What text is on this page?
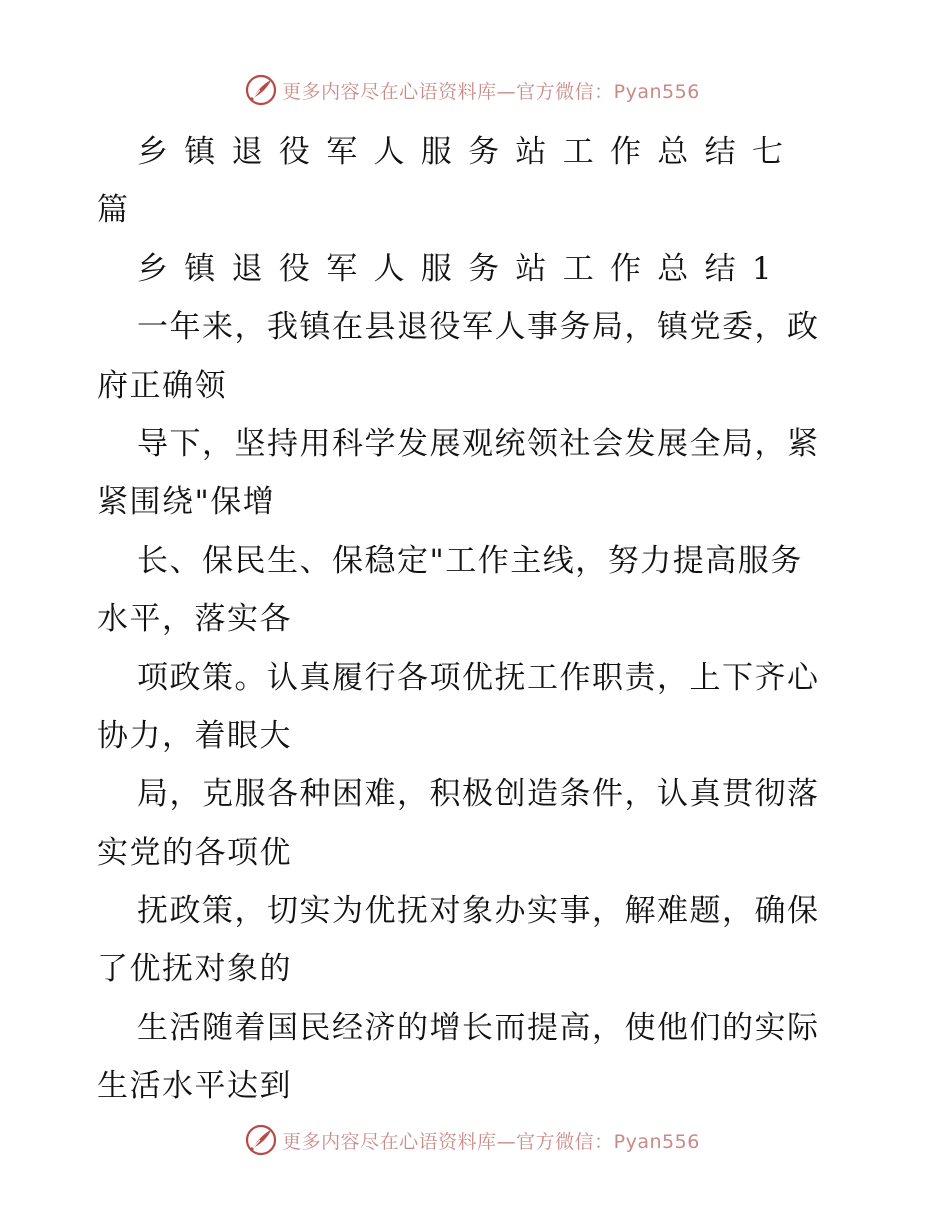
更多内容尽在心语资料库—官方微信：Pyan556
乡镇退役军人服务站工作总结七
篇
乡镇退役军人服务站工作总结1
一年来，我镇在县退役军人事务局，镇党委，政
府正确领
导下，坚持用科学发展观统领社会发展全局，紧
紧围绕"保增
长、保民生、保稳定"工作主线，努力提高服务
水平，落实各
项政策。认真履行各项优抚工作职责，上下齐心
协力，着眼大
局，克服各种困难，积极创造条件，认真贯彻落
实党的各项优
抚政策，切实为优抚对象办实事，解难题，确保
了优抚对象的
生活随着国民经济的增长而提高，使他们的实际
生活水平达到
更多内容尽在心语资料库—官方微信：Pyan556
